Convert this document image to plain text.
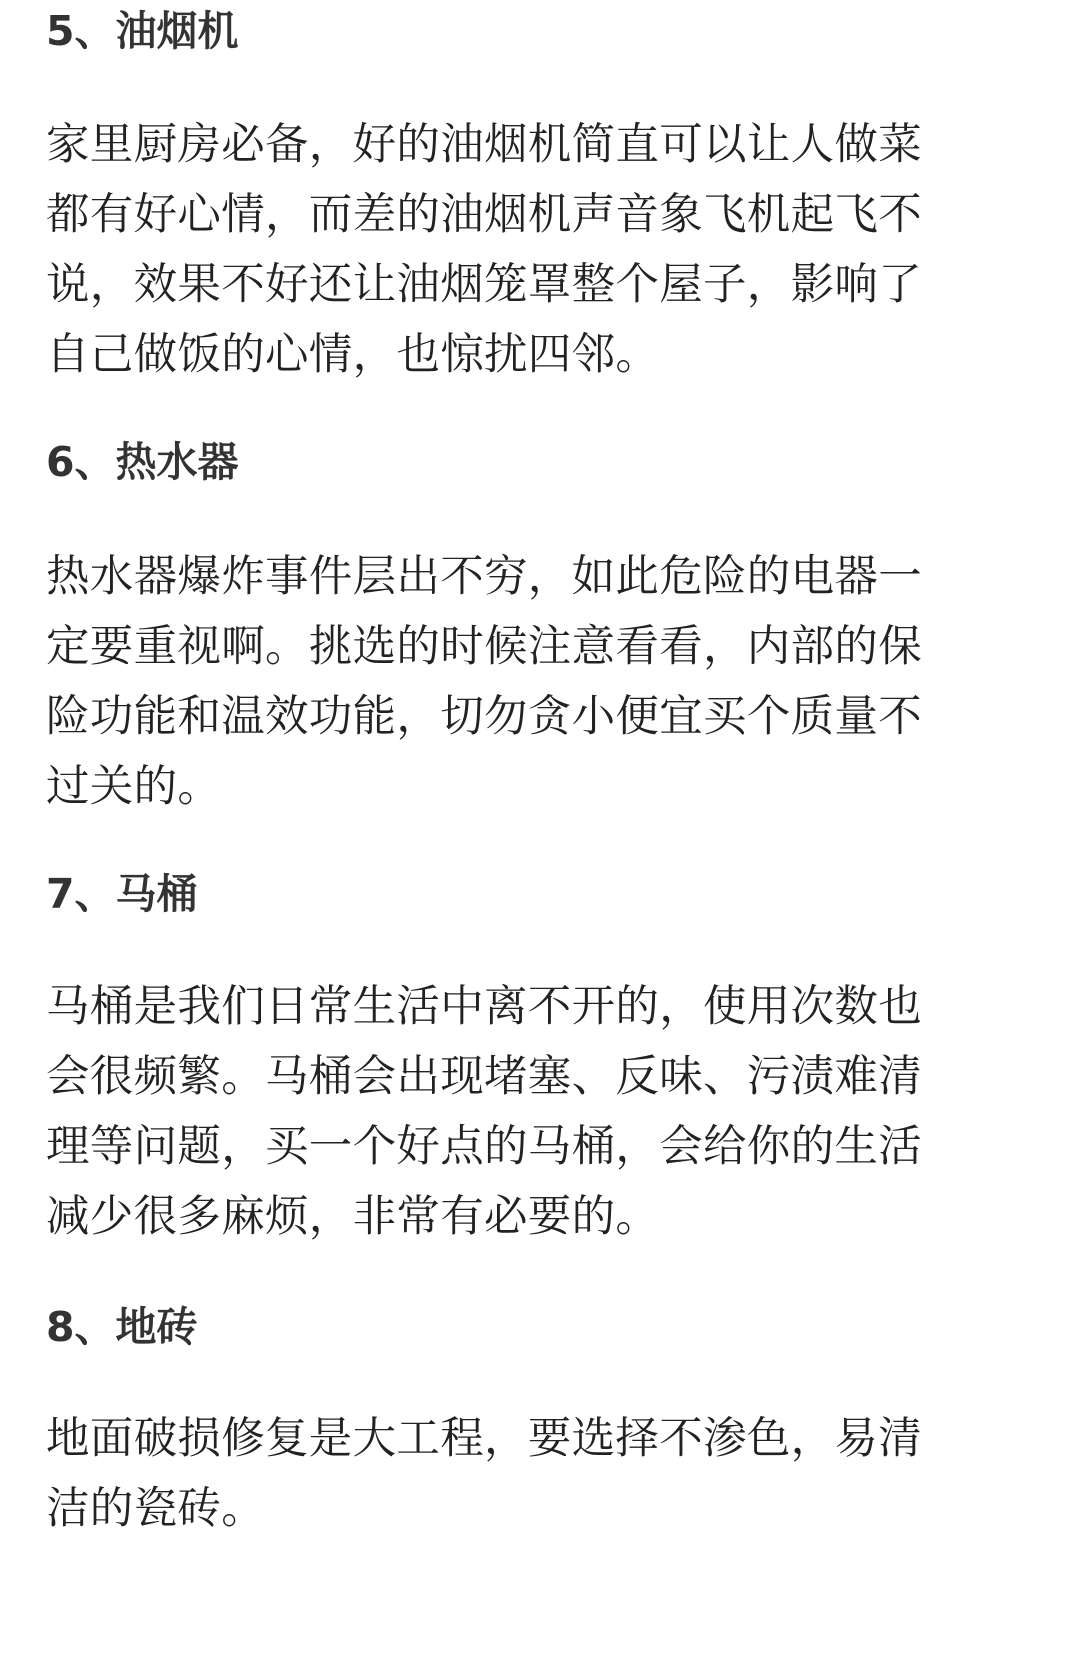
5、油烟机
家里厨房必备，好的油烟机简直可以让人做菜
都有好心情，而差的油烟机声音象飞机起飞不
说，效果不好还让油烟笼罩整个屋子，影响了
自己做饭的心情，也惊扰四邻。
6、热水器
热水器爆炸事件层出不穷，如此危险的电器一
定要重视啊。挑选的时候注意看看，内部的保
险功能和温效功能，切勿贪小便宜买个质量不
过关的。
7、马桶
马桶是我们日常生活中离不开的，使用次数也
会很频繁。马桶会出现堵塞、反味、污渍难清
理等问题，买一个好点的马桶，会给你的生活
减少很多麻烦，非常有必要的。
8、地砖
地面破损修复是大工程，要选择不渗色，易清
洁的瓷砖。
